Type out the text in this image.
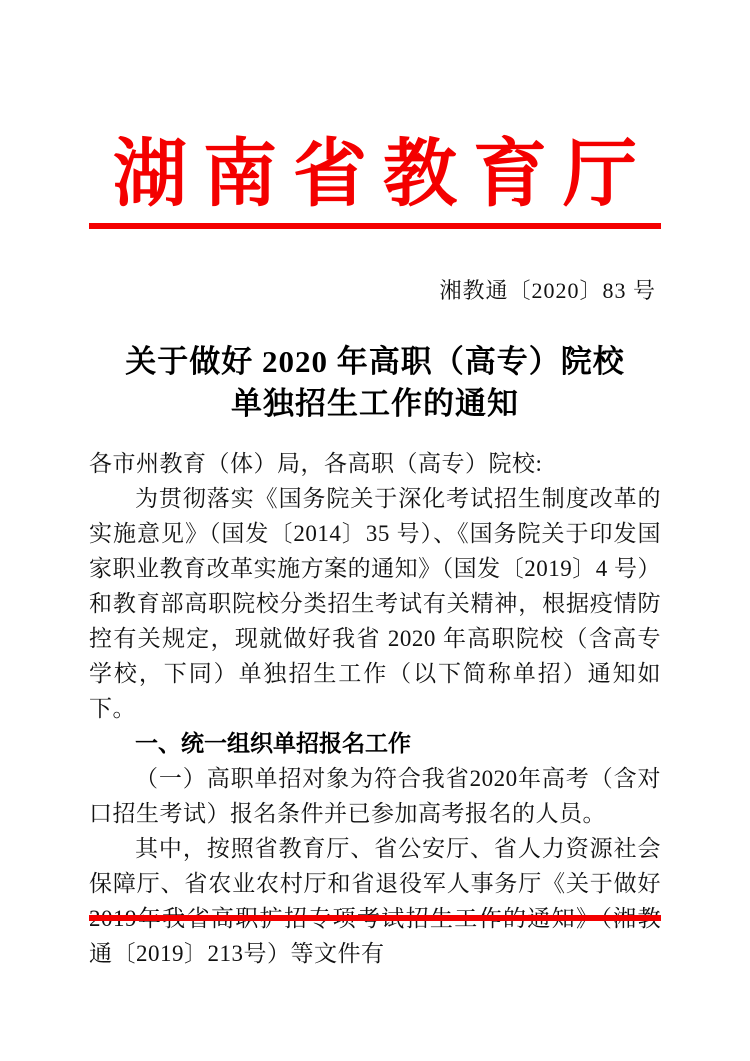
湖南省教育厅
湘教通〔2020〕83 号
关于做好 2020 年高职（高专）院校
单独招生工作的通知

各市州教育（体）局，各高职（高专）院校:

为贯彻落实《国务院关于深化考试招生制度改革的实施意见》（国发〔2014〕35 号）、《国务院关于印发国家职业教育改革实施方案的通知》（国发〔2019〕4 号）和教育部高职院校分类招生考试有关精神，根据疫情防控有关规定，现就做好我省 2020 年高职院校（含高专学校，下同）单独招生工作（以下简称单招）通知如下。

一、统一组织单招报名工作

（一）高职单招对象为符合我省2020年高考（含对口招生考试）报名条件并已参加高考报名的人员。

其中，按照省教育厅、省公安厅、省人力资源社会保障厅、省农业农村厅和省退役军人事务厅《关于做好2019年我省高职扩招专项考试招生工作的通知》（湘教通〔2019〕213号）等文件有
